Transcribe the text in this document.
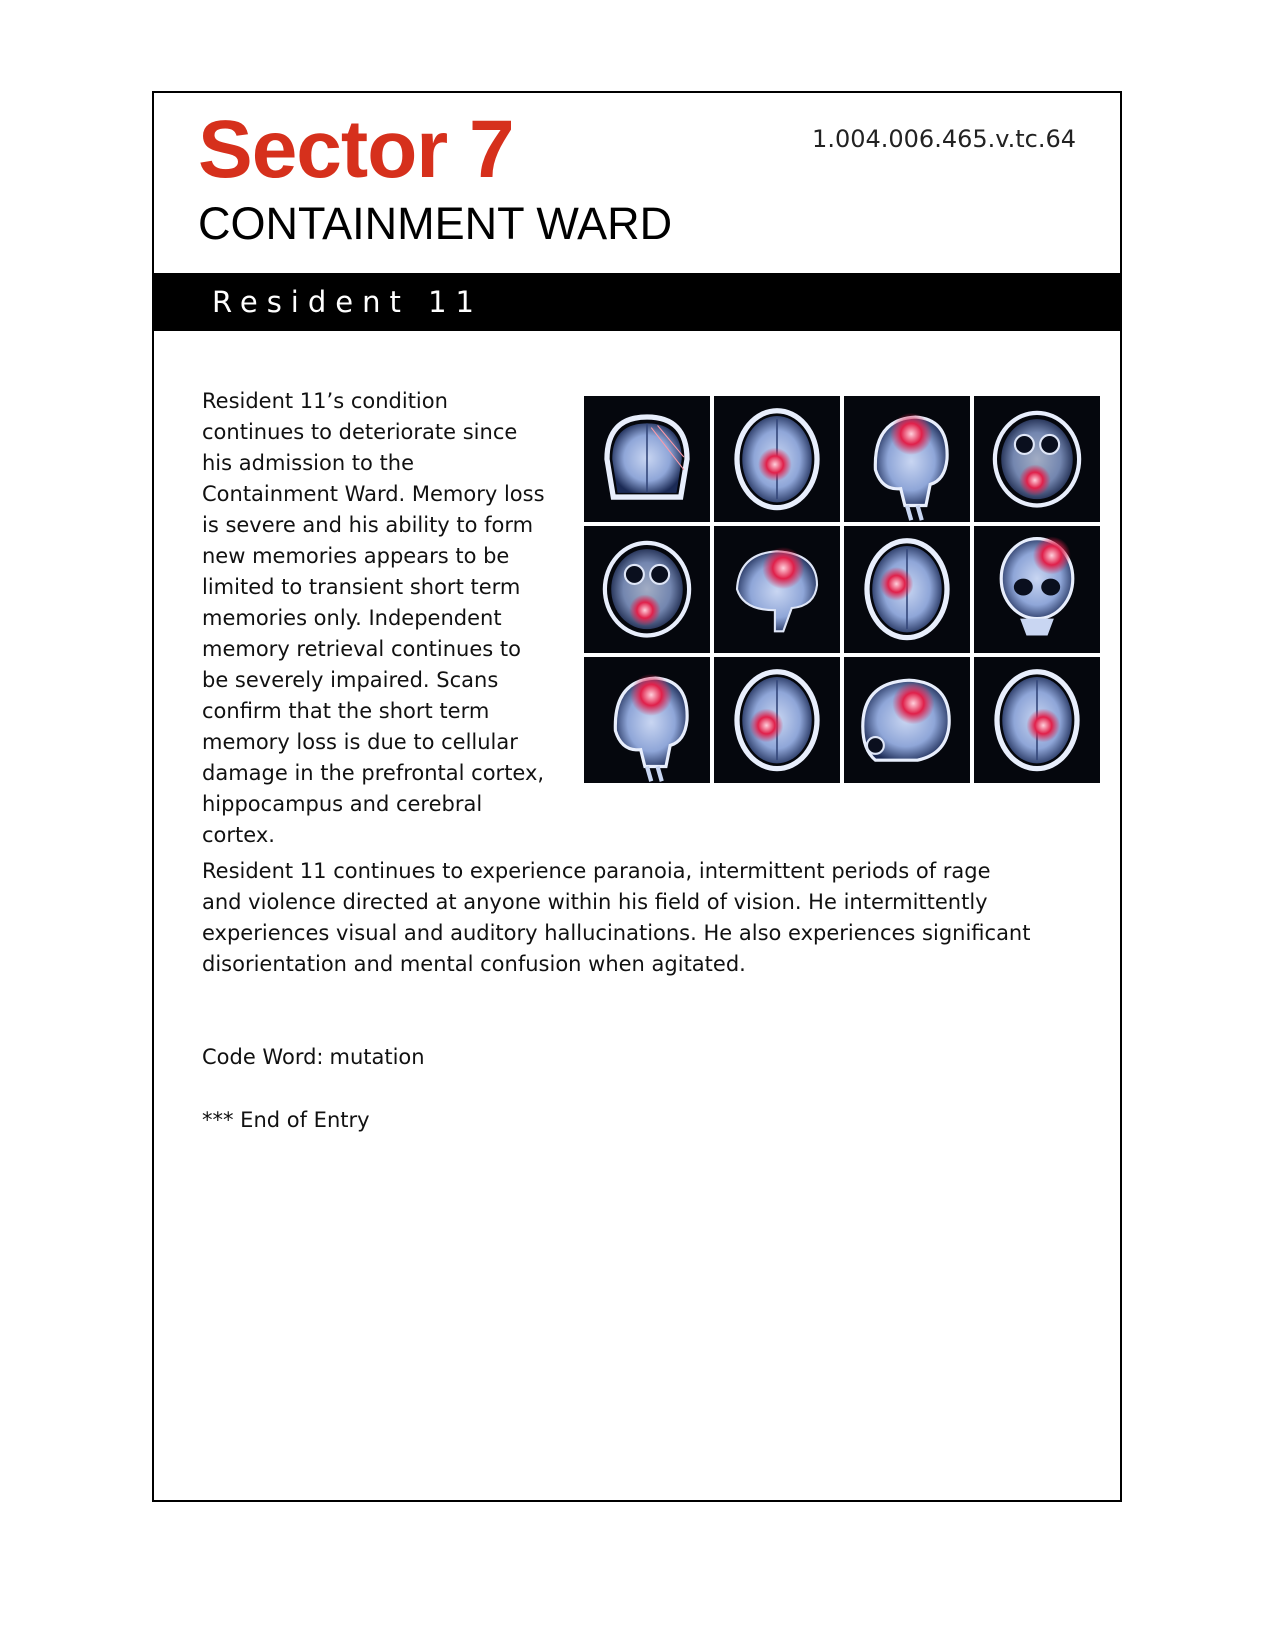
Sector 7
CONTAINMENT WARD
1.004.006.465.v.tc.64
Resident 11

Resident 11’s condition continues to deteriorate since his admission to the Containment Ward. Memory loss is severe and his ability to form new memories appears to be limited to transient short term memories only. Independent memory retrieval continues to be severely impaired. Scans confirm that the short term memory loss is due to cellular damage in the prefrontal cortex, hippocampus and cerebral cortex.

Resident 11 continues to experience paranoia, intermittent periods of rage and violence directed at anyone within his field of vision. He intermittently experiences visual and auditory hallucinations. He also experiences significant disorientation and mental confusion when agitated.

Code Word: mutation

*** End of Entry
